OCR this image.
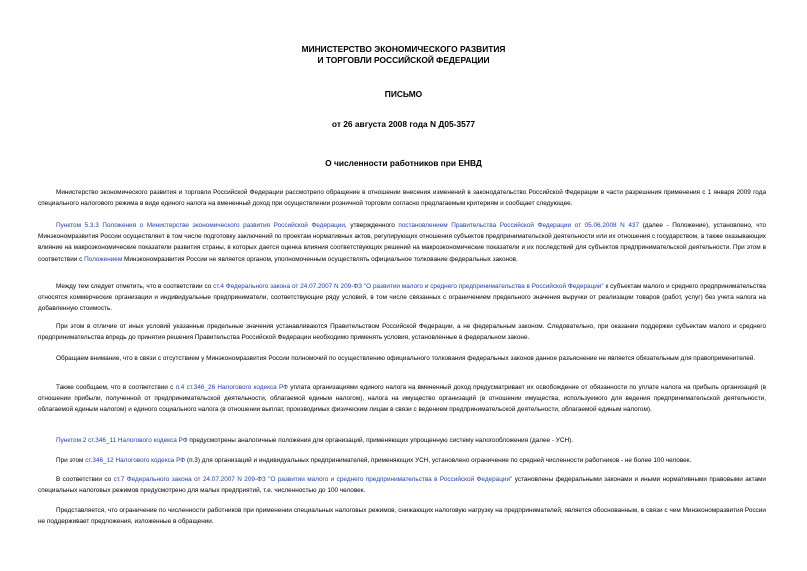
МИНИСТЕРСТВО ЭКОНОМИЧЕСКОГО РАЗВИТИЯ
И ТОРГОВЛИ РОССИЙСКОЙ ФЕДЕРАЦИИ
ПИСЬМО
от 26 августа 2008 года N Д05-3577
О численности работников при ЕНВД

Министерство экономического развития и торговли Российской Федерации рассмотрело обращение в отношении внесения изменений в законодательство Российской Федерации в части разрешения применения с 1 января 2009 года специального налогового режима в виде единого налога на вмененный доход при осуществлении розничной торговли согласно предлагаемым критериям и сообщает следующее.

Пунктом 5.3.3 Положения о Министерстве экономического развития Российской Федерации, утвержденного постановлением Правительства Российской Федерации от 05.06.2008 N 437 (далее - Положение), установлено, что Минэкономразвития России осуществляет в том числе подготовку заключений по проектам нормативных актов, регулирующих отношения субъектов предпринимательской деятельности или их отношения с государством, а также оказывающих влияние на макроэкономические показатели развития страны, в которых дается оценка влияния соответствующих решений на макроэкономические показатели и их последствий для субъектов предпринимательской деятельности. При этом в соответствии с Положением Минэкономразвития России не является органом, уполномоченным осуществлять официальное толкование федеральных законов.

Между тем следует отметить, что в соответствии со ст.4 Федерального закона от 24.07.2007 N 209-ФЗ "О развитии малого и среднего предпринимательства в Российской Федерации" к субъектам малого и среднего предпринимательства относятся коммерческие организации и индивидуальные предприниматели, соответствующие ряду условий, в том числе связанных с ограничением предельного значения выручки от реализации товаров (работ, услуг) без учета налога на добавленную стоимость.

При этом в отличие от иных условий указанные предельные значения устанавливаются Правительством Российской Федерации, а не федеральным законом. Следовательно, при оказании поддержки субъектам малого и среднего предпринимательства впредь до принятия решения Правительства Российской Федерации необходимо применять условия, установленные в федеральном законе.

Обращаем внимание, что в связи с отсутствием у Минэкономразвития России полномочий по осуществлению официального толкования федеральных законов данное разъяснение не является обязательным для правоприменителей.

Также сообщаем, что в соответствии с п.4 ст.346_26 Налогового кодекса РФ уплата организациями единого налога на вмененный доход предусматривает их освобождение от обязанности по уплате налога на прибыль организаций (в отношении прибыли, полученной от предпринимательской деятельности, облагаемой единым налогом), налога на имущество организаций (в отношении имущества, используемого для ведения предпринимательской деятельности, облагаемой единым налогом) и единого социального налога (в отношении выплат, производимых физическим лицам в связи с ведением предпринимательской деятельности, облагаемой единым налогом).

Пунктом 2 ст.346_11 Налогового кодекса РФ предусмотрены аналогичные положения для организаций, применяющих упрощенную систему налогообложения (далее - УСН).

При этом ст.346_12 Налогового кодекса РФ (п.3) для организаций и индивидуальных предпринимателей, применяющих УСН, установлено ограничение по средней численности работников - не более 100 человек.

В соответствии со ст.7 Федерального закона от 24.07.2007 N 209-ФЗ "О развитии малого и среднего предпринимательства в Российской Федерации" установлены федеральными законами и иными нормативными правовыми актами специальных налоговых режимов предусмотрено для малых предприятий, т.е. численностью до 100 человек.

Представляется, что ограничение по численности работников при применении специальных налоговых режимов, снижающих налоговую нагрузку на предпринимателей, является обоснованным, в связи с чем Минэкономразвития России не поддерживает предложения, изложенные в обращении.
